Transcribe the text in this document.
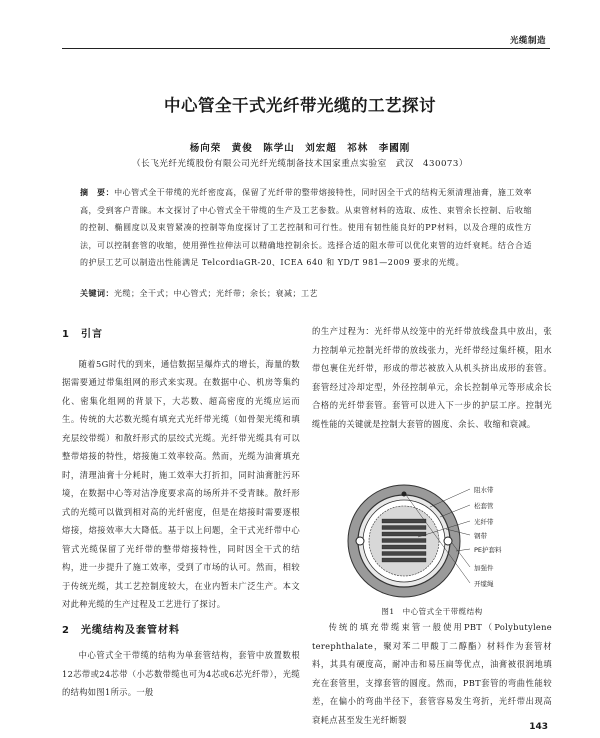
光缆制造
中心管全干式光纤带光缆的工艺探讨
杨向荣　黄俊　陈学山　刘宏超　祁林　李國刚
（长飞光纤光缆股份有限公司光纤光缆制备技术国家重点实验室　武汉　430073）
摘　要：中心管式全干带缆的光纤密度高，保留了光纤带的整带熔接特性，同时因全干式的结构无须清理油膏，施工效率高，受到客户青睐。本文探讨了中心管式全干带缆的生产及工艺参数。从束管材料的选取、成性、束管余长控制、后收缩的控制、椭圆度以及束管紧凑的控制等角度探讨了工艺控制和可行性。使用有韧性能良好的PP材料，以及合理的成性方法，可以控制套管的收缩，使用弹性拉伸法可以精确地控制余长。选择合适的阻水带可以优化束管的边纤衰耗。结合合适的护层工艺可以制造出性能满足 TelcordiaGR-20、ICEA 640 和 YD/T 981—2009 要求的光缆。
关键词：光缆；全干式；中心管式；光纤带；余长；衰减；工艺
1　引言

随着5G时代的到来，通信数据呈爆炸式的增长，海量的数据需要通过带集组网的形式来实现。在数据中心、机房等集约化、密集化组网的背景下，大芯数、超高密度的光缆应运而生。传统的大芯数光缆有填充式光纤带光缆（如骨架光缆和填充层绞带缆）和散纤形式的层绞式光缆。光纤带光缆具有可以整带熔接的特性，熔接施工效率较高。然而，光缆为油膏填充时，清理油膏十分耗时，施工效率大打折扣，同时油膏脏污环境，在数据中心等对洁净度要求高的场所并不受青睐。散纤形式的光缆可以做到相对高的光纤密度，但是在熔接时需要逐根熔接，熔接效率大大降低。基于以上问题，全干式光纤带中心管式光缆保留了光纤带的整带熔接特性，同时因全干式的结构，进一步提升了施工效率，受到了市场的认可。然而，相较于传统光缆，其工艺控制度较大，在业内暂未广泛生产。本文对此种光缆的生产过程及工艺进行了探讨。

2　光缆结构及套管材料

中心管式全干带缆的结构为单套管结构，套管中放置数根12芯带或24芯带（小芯数带缆也可为4芯或6芯光纤带），光缆的结构如图1所示。一般

的生产过程为：光纤带从绞笼中的光纤带放线盘具中放出，张力控制单元控制光纤带的放线张力，光纤带经过集纤模，阻水带包裹住光纤带，形成的带芯被放入从机头挤出成形的套管。套管经过冷却定型，外径控制单元，余长控制单元等形成余长合格的光纤带套管。套管可以进入下一步的护层工序。控制光缆性能的关键就是控制大套管的圆度、余长、收缩和衰减。

阻水带
松套管
光纤带
钢带
PE护套料
加强件
开缆绳
图1　中心管式全干带缆结构

传统的填充带缆束管一般使用PBT（Polybutylene terephthalate，聚对苯二甲酸丁二醇酯）材料作为套管材料，其具有硬度高，耐冲击和易压扁等优点，油膏被很润地填充在套管里，支撑套管的圆度。然而，PBT套管的弯曲性能较差，在偏小的弯曲半径下，套管容易发生弯折，光纤带出现高衰耗点甚至发生光纤断裂

143
